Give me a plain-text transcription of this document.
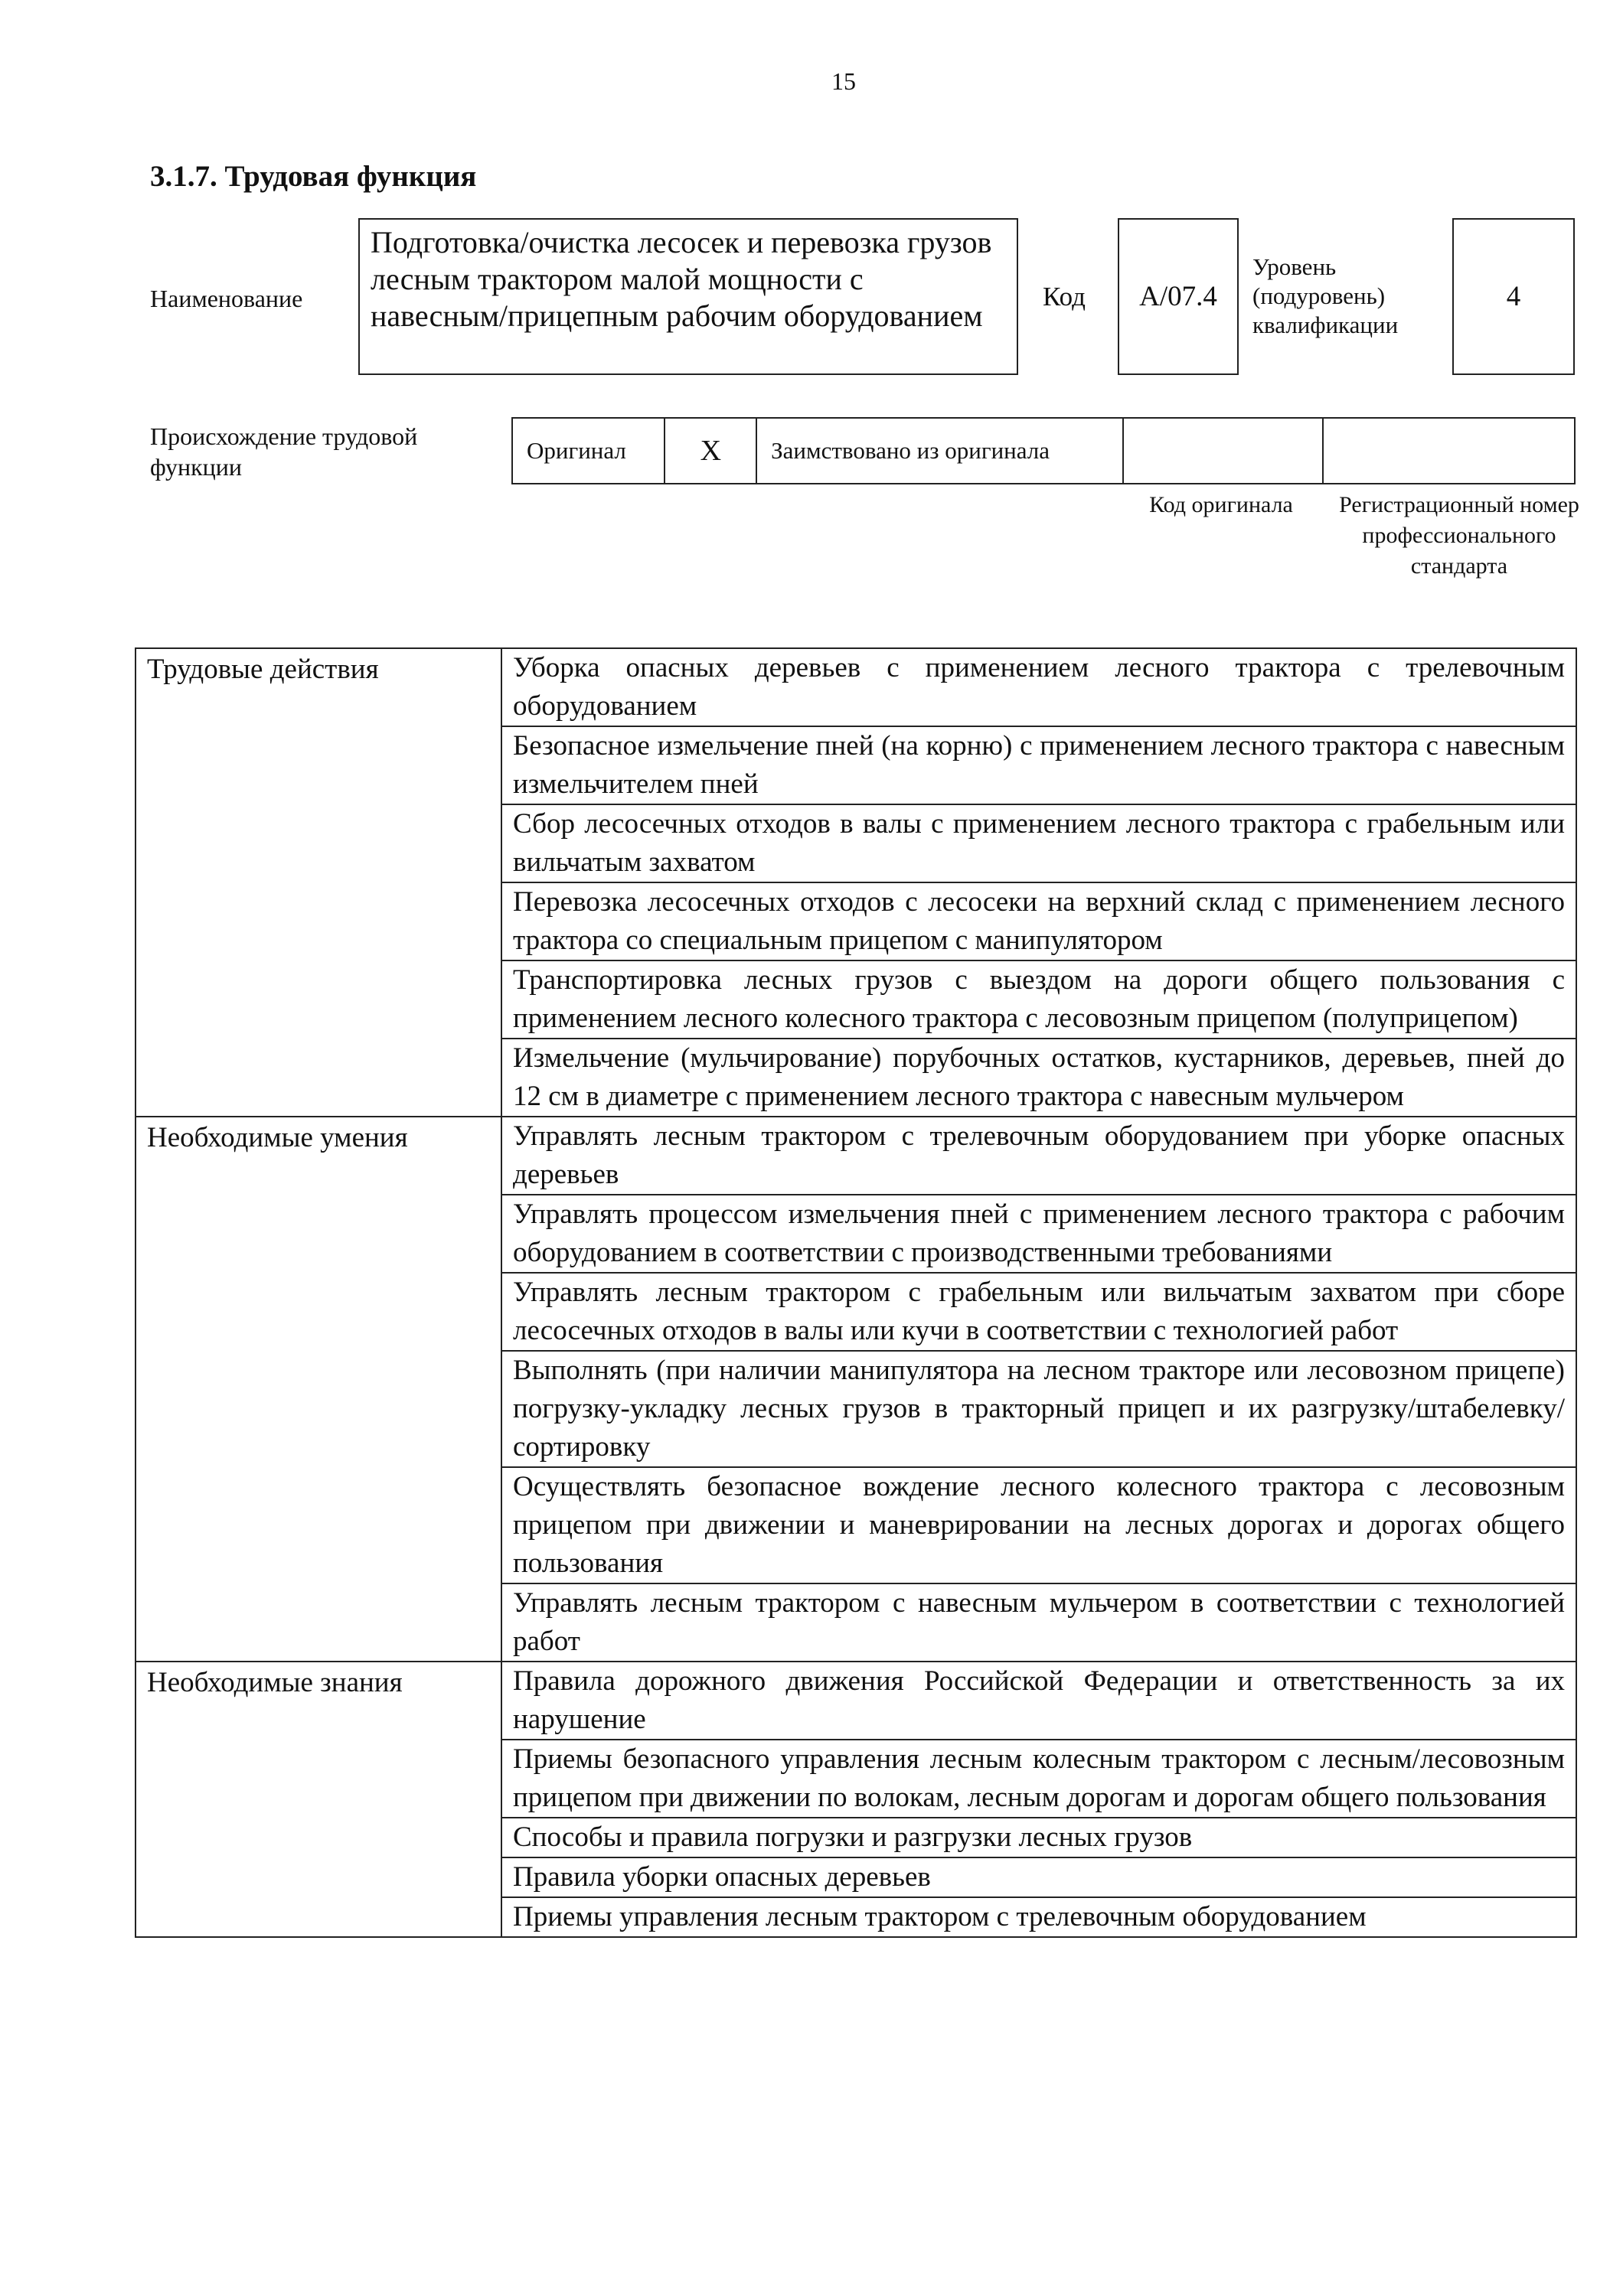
15
3.1.7. Трудовая функция
Наименование
Подготовка/очистка лесосек и перевозка грузов лесным трактором малой мощности с навесным/прицепным рабочим оборудованием
Код	А/07.4
Уровень (подуровень) квалификации
4
Происхождение трудовой функции
Оригинал	X	Заимствовано из оригинала
Код оригинала	Регистрационный номер профессионального стандарта
Трудовые действия	Уборка опасных деревьев с применением лесного трактора с трелевочным оборудованием
	Безопасное измельчение пней (на корню) с применением лесного трактора с навесным измельчителем пней
	Сбор лесосечных отходов в валы с применением лесного трактора с грабельным или вильчатым захватом
	Перевозка лесосечных отходов с лесосеки на верхний склад с применением лесного трактора со специальным прицепом с манипулятором
	Транспортировка лесных грузов с выездом на дороги общего пользования с применением лесного колесного трактора с лесовозным прицепом (полуприцепом)
	Измельчение (мульчирование) порубочных остатков, кустарников, деревьев, пней до 12 см в диаметре с применением лесного трактора с навесным мульчером
Необходимые умения	Управлять лесным трактором с трелевочным оборудованием при уборке опасных деревьев
	Управлять процессом измельчения пней с применением лесного трактора с рабочим оборудованием в соответствии с производственными требованиями
	Управлять лесным трактором с грабельным или вильчатым захватом при сборе лесосечных отходов в валы или кучи в соответствии с технологией работ
	Выполнять (при наличии манипулятора на лесном тракторе или лесовозном прицепе) погрузку-укладку лесных грузов в тракторный прицеп и их разгрузку/штабелевку/сортировку
	Осуществлять безопасное вождение лесного колесного трактора с лесовозным прицепом при движении и маневрировании на лесных дорогах и дорогах общего пользования
	Управлять лесным трактором с навесным мульчером в соответствии с технологией работ
Необходимые знания	Правила дорожного движения Российской Федерации и ответственность за их нарушение
	Приемы безопасного управления лесным колесным трактором с лесным/лесовозным прицепом при движении по волокам, лесным дорогам и дорогам общего пользования
	Способы и правила погрузки и разгрузки лесных грузов
	Правила уборки опасных деревьев
	Приемы управления лесным трактором с трелевочным оборудованием
